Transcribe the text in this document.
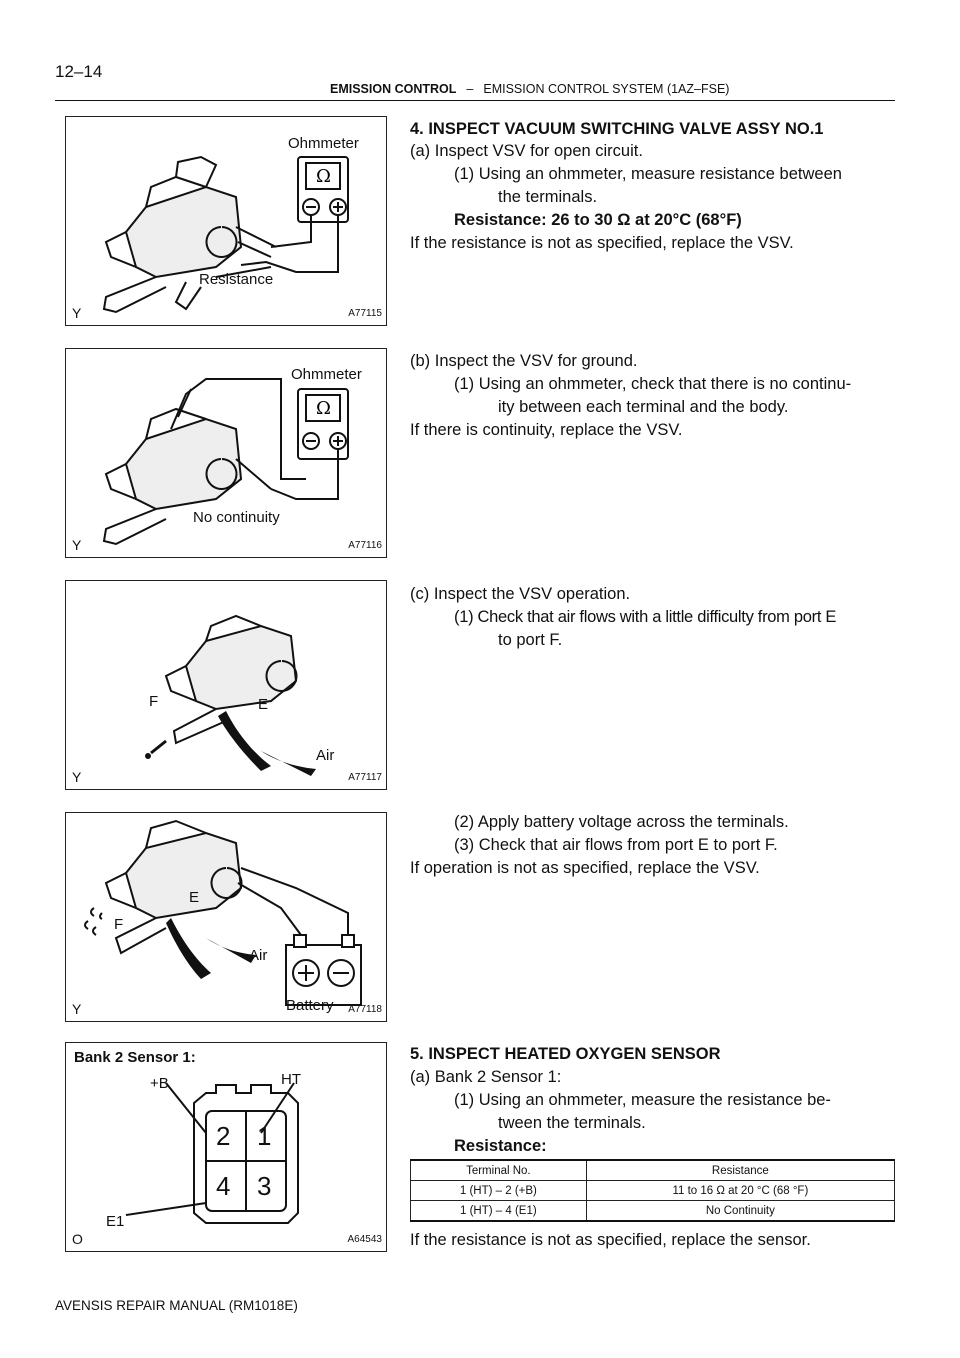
12–14
EMISSION CONTROL – EMISSION CONTROL SYSTEM (1AZ–FSE)
Ω
Ohmmeter
Resistance
Y	A77115
Ω
Ohmmeter
No continuity
Y	A77116
F	E
Air
Y	A77117
E
F
Air
Battery
Y	A77118
Bank 2 Sensor 1:
+B	HT
E1
2 1
4 3
O	A64543
4. INSPECT VACUUM SWITCHING VALVE ASSY NO.1
(a) Inspect VSV for open circuit.
(1) Using an ohmmeter, measure resistance between
the terminals.
Resistance: 26 to 30 Ω at 20°C (68°F)
If the resistance is not as specified, replace the VSV.
(b) Inspect the VSV for ground.
(1) Using an ohmmeter, check that there is no continu-
ity between each terminal and the body.
If there is continuity, replace the VSV.
(c) Inspect the VSV operation.
(1) Check that air flows with a little difficulty from port E
to port F.
(2) Apply battery voltage across the terminals.
(3) Check that air flows from port E to port F.
If operation is not as specified, replace the VSV.
5. INSPECT HEATED OXYGEN SENSOR
(a) Bank 2 Sensor 1:
(1) Using an ohmmeter, measure the resistance be-
tween the terminals.
Resistance:
Terminal No.	Resistance
1 (HT) – 2 (+B)	11 to 16 Ω at 20 °C (68 °F)
1 (HT) – 4 (E1)	No Continuity
If the resistance is not as specified, replace the sensor.
AVENSIS REPAIR MANUAL (RM1018E)
